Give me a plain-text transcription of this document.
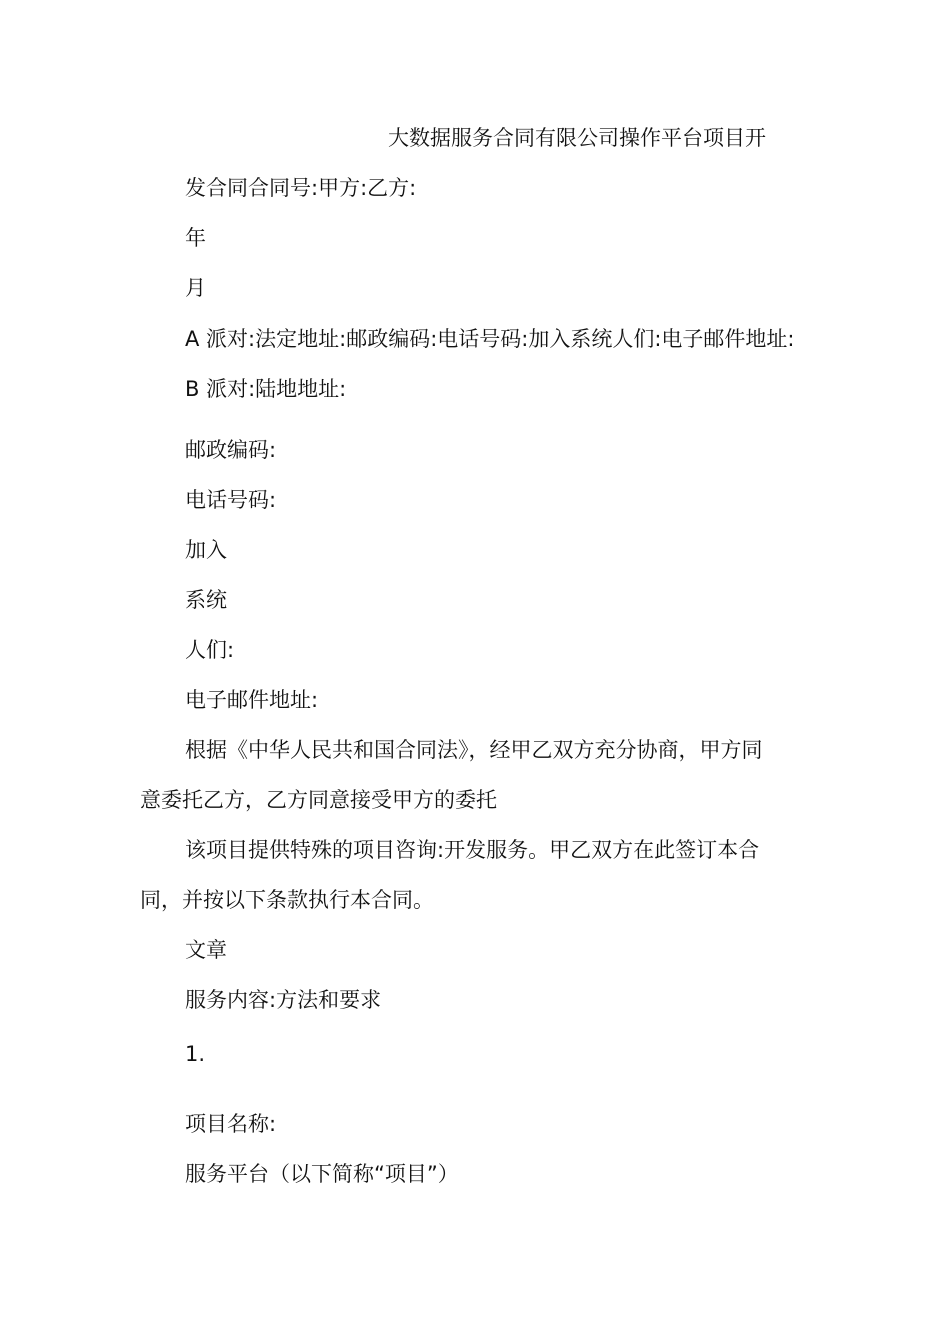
大数据服务合同有限公司操作平台项目开

发合同合同号:甲方:乙方:

年

月

A 派对:法定地址:邮政编码:电话号码:加入系统人们:电子邮件地址:

B 派对:陆地地址:

邮政编码:

电话号码:

加入

系统

人们:

电子邮件地址:

根据《中华人民共和国合同法》，经甲乙双方充分协商，甲方同

意委托乙方，乙方同意接受甲方的委托

该项目提供特殊的项目咨询:开发服务。甲乙双方在此签订本合

同，并按以下条款执行本合同。

文章

服务内容:方法和要求

1.

项目名称:

服务平台（以下简称“项目”）
